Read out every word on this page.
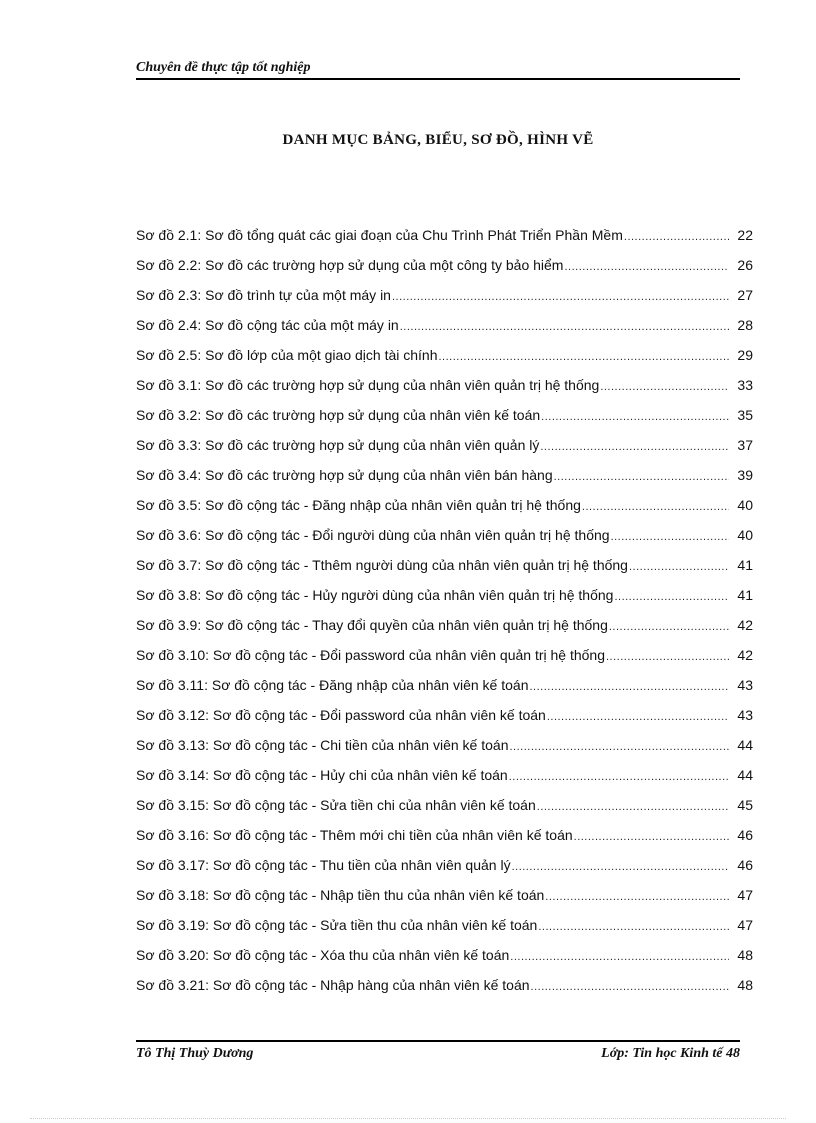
Chuyên đề thực tập tốt nghiệp
DANH MỤC BẢNG, BIỂU, SƠ ĐỒ, HÌNH VẼ
Sơ đồ 2.1: Sơ đồ tổng quát các giai đoạn của Chu Trình Phát Triển Phần Mềm .....	22
Sơ đồ 2.2: Sơ đồ các trường hợp sử dụng của một công ty bảo hiểm .....	26
Sơ đồ 2.3: Sơ đồ trình tự của một máy in .....	27
Sơ đồ 2.4: Sơ đồ cộng tác của một máy in .....	28
Sơ đồ 2.5: Sơ đồ lớp của một giao dịch tài chính .....	29
Sơ đồ 3.1: Sơ đồ các trường hợp sử dụng của nhân viên quản trị hệ thống .....	33
Sơ đồ 3.2: Sơ đồ các trường hợp sử dụng của nhân viên kế toán .....	35
Sơ đồ 3.3: Sơ đồ các trường hợp sử dụng của nhân viên quản lý .....	37
Sơ đồ 3.4: Sơ đồ các trường hợp sử dụng của nhân viên bán hàng .....	39
Sơ đồ 3.5: Sơ đồ cộng tác - Đăng nhập của nhân viên quản trị hệ thống .....	40
Sơ đồ 3.6: Sơ đồ cộng tác - Đổi người dùng của nhân viên quản trị hệ thống .....	40
Sơ đồ 3.7: Sơ đồ cộng tác - Tthêm người dùng của nhân viên quản trị hệ thống .....	41
Sơ đồ 3.8: Sơ đồ cộng tác - Hủy người dùng của nhân viên quản trị hệ thống .....	41
Sơ đồ 3.9: Sơ đồ cộng tác - Thay đổi quyền của nhân viên quản trị hệ thống .....	42
Sơ đồ 3.10: Sơ đồ cộng tác - Đổi password của nhân viên quản trị hệ thống .....	42
Sơ đồ 3.11: Sơ đồ cộng tác - Đăng nhập của nhân viên kế toán .....	43
Sơ đồ 3.12: Sơ đồ cộng tác - Đổi password của nhân viên kế toán .....	43
Sơ đồ 3.13: Sơ đồ cộng tác - Chi tiền của nhân viên kế toán .....	44
Sơ đồ 3.14: Sơ đồ cộng tác - Hủy chi của nhân viên kế toán .....	44
Sơ đồ 3.15: Sơ đồ cộng tác - Sửa tiền chi của nhân viên kế toán .....	45
Sơ đồ 3.16: Sơ đồ cộng tác - Thêm mới chi tiền của nhân viên kế toán .....	46
Sơ đồ 3.17: Sơ đồ cộng tác - Thu tiền của nhân viên quản lý .....	46
Sơ đồ 3.18: Sơ đồ cộng tác - Nhập tiền thu của nhân viên kế toán .....	47
Sơ đồ 3.19: Sơ đồ cộng tác - Sửa tiền thu của nhân viên kế toán .....	47
Sơ đồ 3.20: Sơ đồ cộng tác - Xóa thu của nhân viên kế toán .....	48
Sơ đồ 3.21: Sơ đồ cộng tác - Nhập hàng của nhân viên kế toán .....	48
Tô Thị Thuỳ Dương	Lớp: Tin học Kinh tế 48
